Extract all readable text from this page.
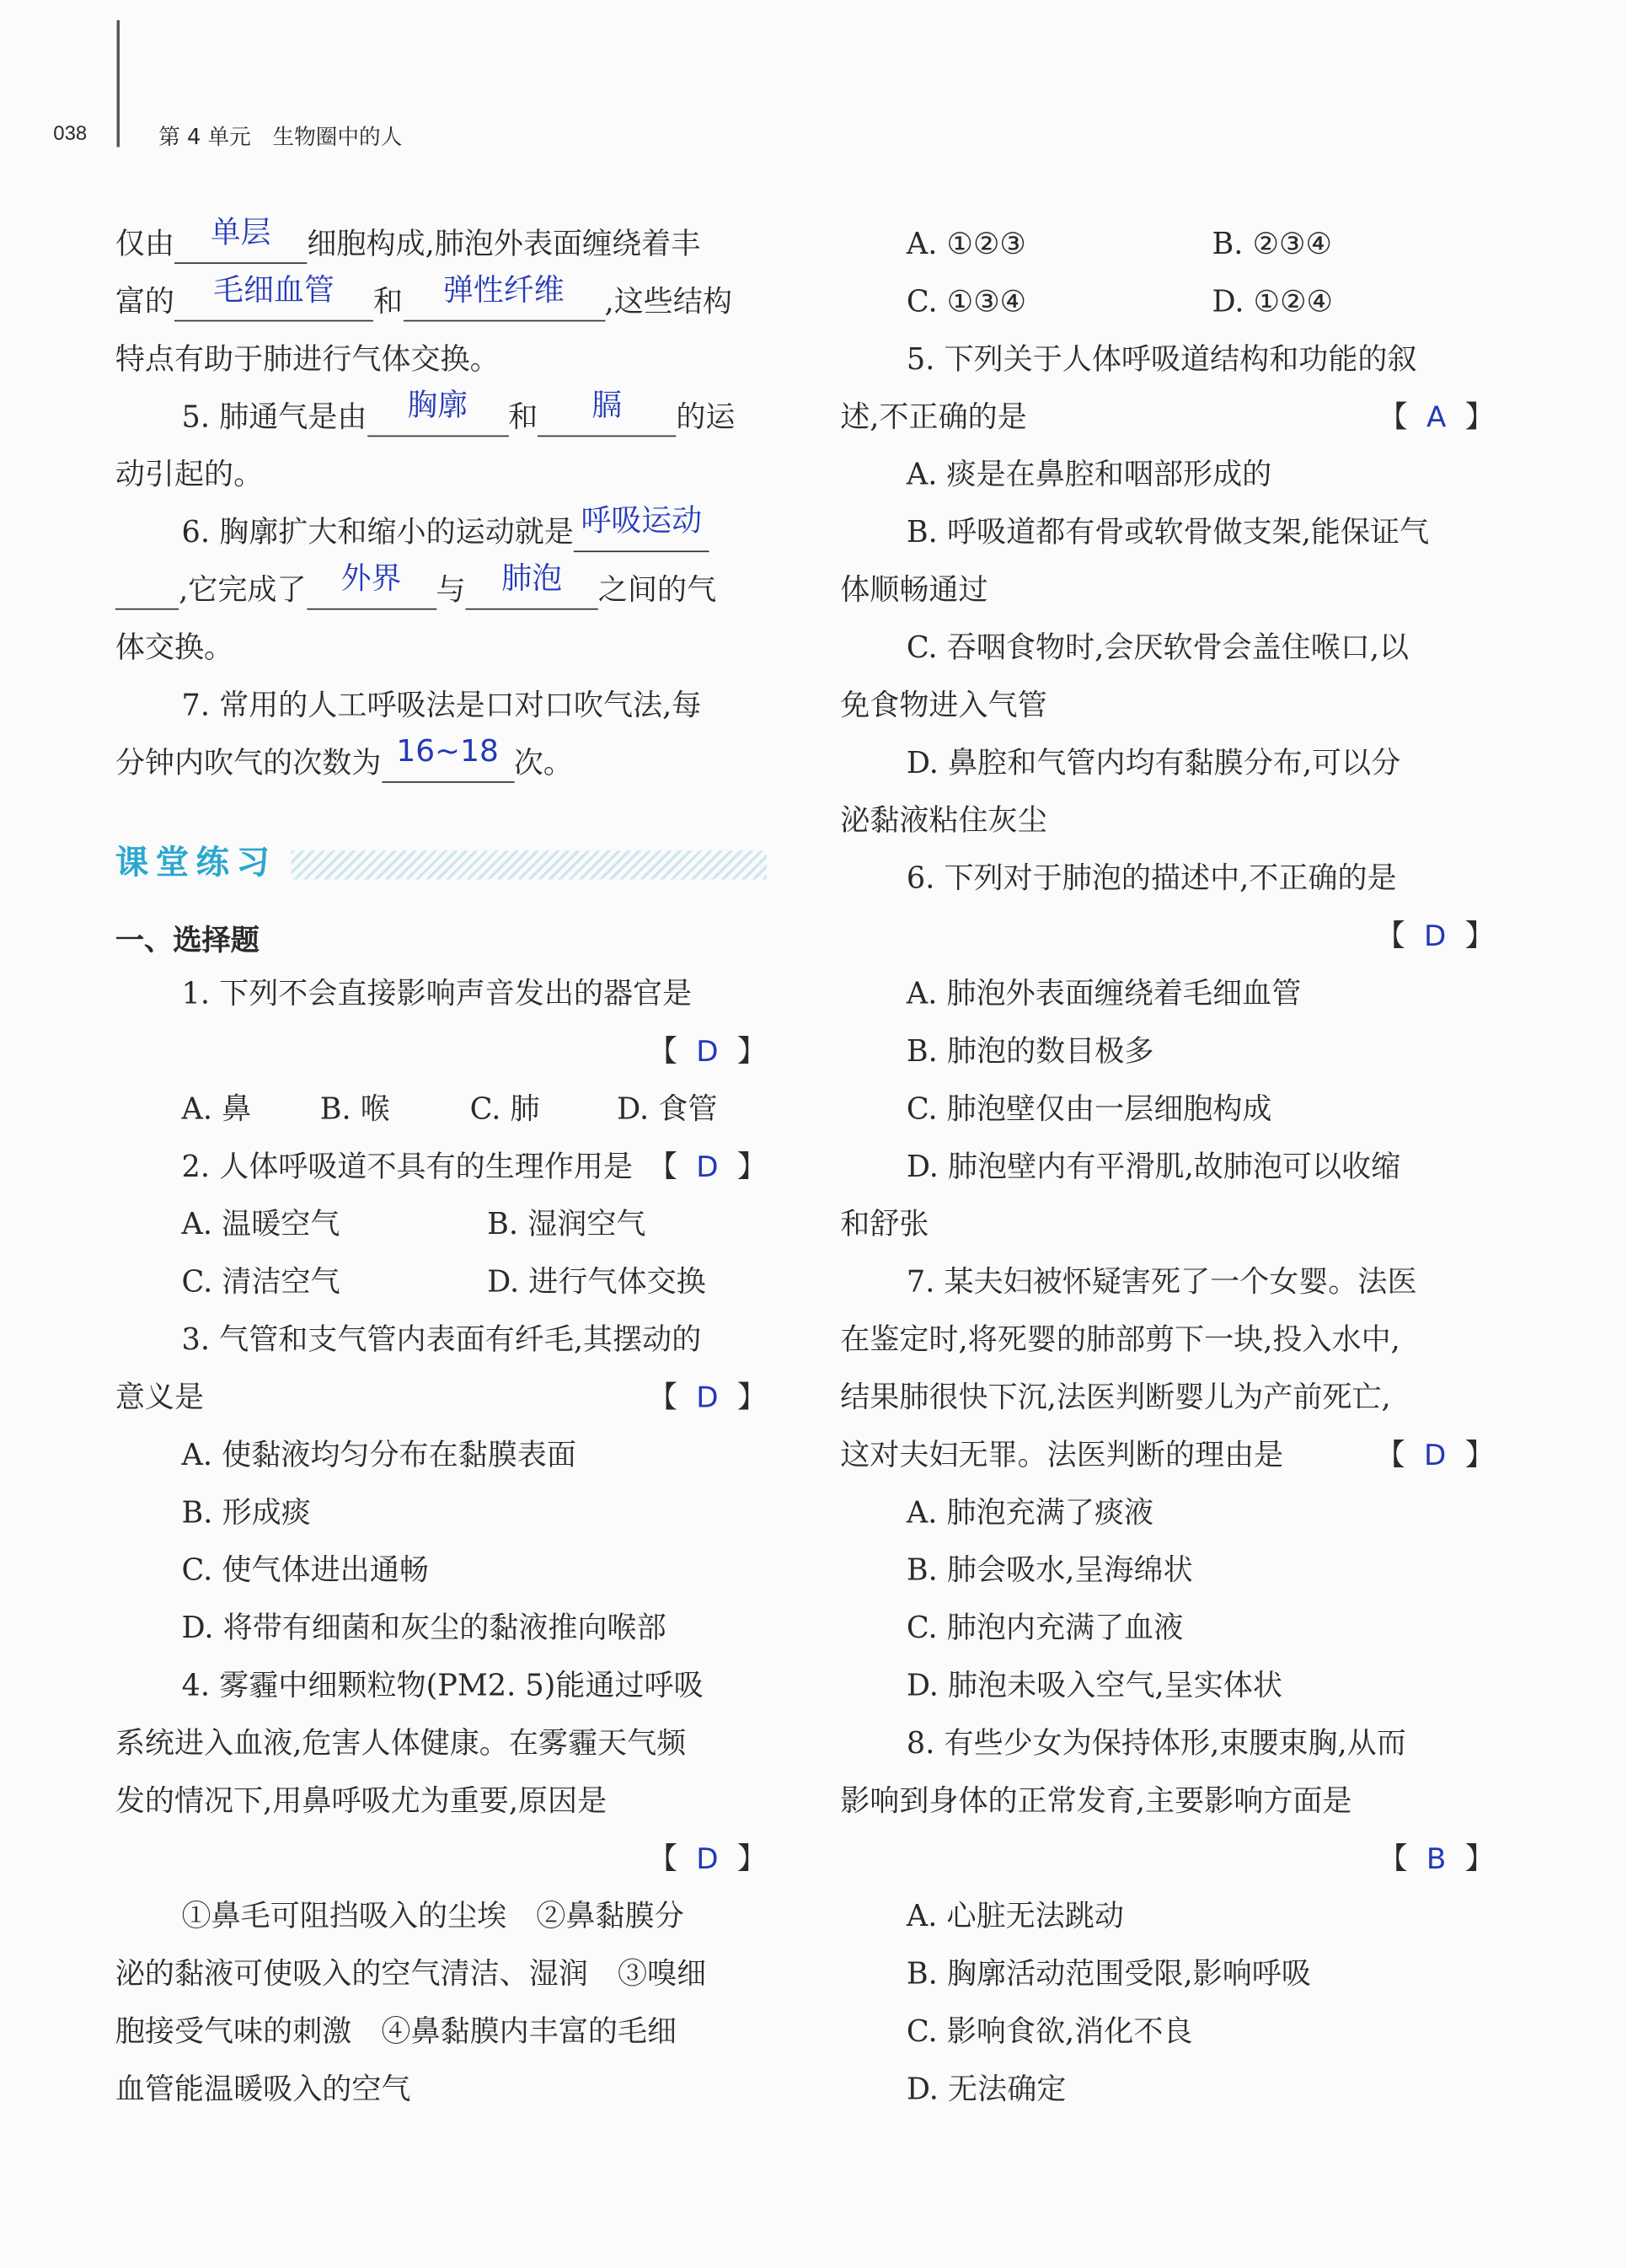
038	第 4 单元　生物圈中的人
仅由	单层	细胞构成,肺泡外表面缠绕着丰
富的	毛细血管	和	弹性纤维	,这些结构
特点有助于肺进行气体交换。
5. 肺通气是由	胸廓	和	膈	的运
动引起的。
6. 胸廓扩大和缩小的运动就是 呼吸运动
,它完成了	外界	与	肺泡	之间的气
体交换。
7. 常用的人工呼吸法是口对口吹气法,每
分钟内吹气的次数为 16~18 次。
课堂练习
一、选择题
1. 下列不会直接影响声音发出的器官是
【 D 】
A. 鼻	B. 喉	C. 肺	D. 食管
2. 人体呼吸道不具有的生理作用是 【 D 】
A. 温暖空气	B. 湿润空气
C. 清洁空气	D. 进行气体交换
3. 气管和支气管内表面有纤毛,其摆动的
意义是	【 D 】
A. 使黏液均匀分布在黏膜表面
B. 形成痰
C. 使气体进出通畅
D. 将带有细菌和灰尘的黏液推向喉部
4. 雾霾中细颗粒物(PM2. 5)能通过呼吸
系统进入血液,危害人体健康。在雾霾天气频
发的情况下,用鼻呼吸尤为重要,原因是
【 D 】
①鼻毛可阻挡吸入的尘埃　②鼻黏膜分
泌的黏液可使吸入的空气清洁、湿润　③嗅细
胞接受气味的刺激　④鼻黏膜内丰富的毛细
血管能温暖吸入的空气
A. ①②③	B. ②③④
C. ①③④	D. ①②④
5. 下列关于人体呼吸道结构和功能的叙
述,不正确的是	【 A 】
A. 痰是在鼻腔和咽部形成的
B. 呼吸道都有骨或软骨做支架,能保证气
体顺畅通过
C. 吞咽食物时,会厌软骨会盖住喉口,以
免食物进入气管
D. 鼻腔和气管内均有黏膜分布,可以分
泌黏液粘住灰尘
6. 下列对于肺泡的描述中,不正确的是
【 D 】
A. 肺泡外表面缠绕着毛细血管
B. 肺泡的数目极多
C. 肺泡壁仅由一层细胞构成
D. 肺泡壁内有平滑肌,故肺泡可以收缩
和舒张
7. 某夫妇被怀疑害死了一个女婴。法医
在鉴定时,将死婴的肺部剪下一块,投入水中,
结果肺很快下沉,法医判断婴儿为产前死亡,
这对夫妇无罪。法医判断的理由是	【 D 】
A. 肺泡充满了痰液
B. 肺会吸水,呈海绵状
C. 肺泡内充满了血液
D. 肺泡未吸入空气,呈实体状
8. 有些少女为保持体形,束腰束胸,从而
影响到身体的正常发育,主要影响方面是
【 B 】
A. 心脏无法跳动
B. 胸廓活动范围受限,影响呼吸
C. 影响食欲,消化不良
D. 无法确定
